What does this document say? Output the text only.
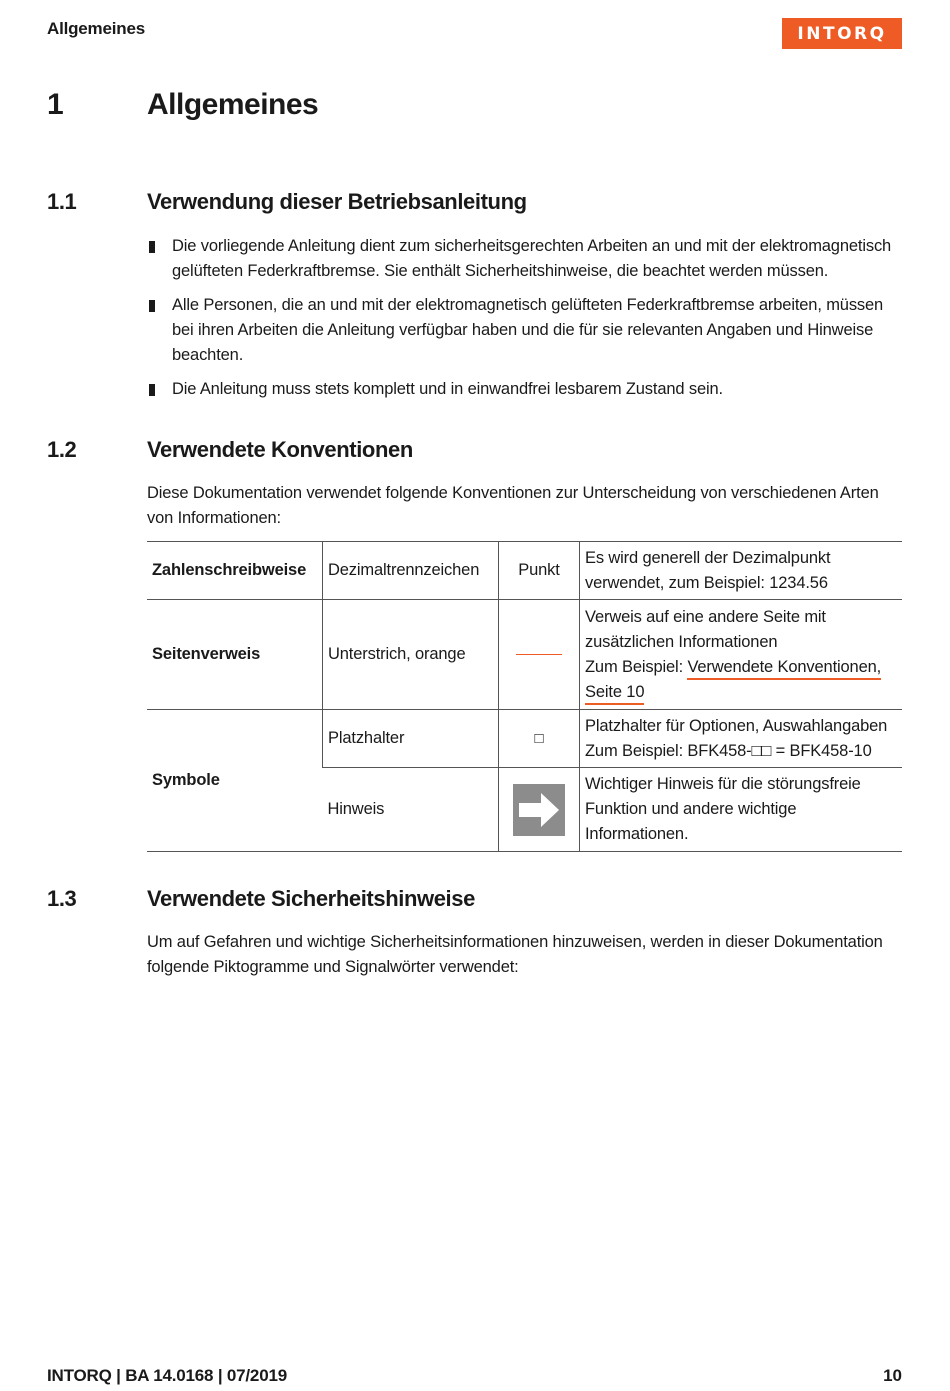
Allgemeines	INTORQ
1	Allgemeines
1.1	Verwendung dieser Betriebsanleitung
Die vorliegende Anleitung dient zum sicherheitsgerechten Arbeiten an und mit der elektromagnetisch gelüfteten Federkraftbremse. Sie enthält Sicherheitshinweise, die beachtet werden müssen.
Alle Personen, die an und mit der elektromagnetisch gelüfteten Federkraftbremse arbeiten, müssen bei ihren Arbeiten die Anleitung verfügbar haben und die für sie relevanten Angaben und Hinweise beachten.
Die Anleitung muss stets komplett und in einwandfrei lesbarem Zustand sein.
1.2	Verwendete Konventionen
Diese Dokumentation verwendet folgende Konventionen zur Unterscheidung von verschiedenen Arten von Informationen:
Zahlenschreibweise	Dezimaltrennzeichen	Punkt	Es wird generell der Dezimalpunkt verwendet, zum Beispiel: 1234.56
Seitenverweis	Unterstrich, orange		Verweis auf eine andere Seite mit zusätzlichen Informationen
Zum Beispiel: Verwendete Konventionen, Seite 10

Symbole	Platzhalter	□	Platzhalter für Optionen, Auswahlangaben
Zum Beispiel: BFK458-□□ = BFK458-10

	Hinweis		Wichtiger Hinweis für die störungsfreie Funktion und andere wichtige Informationen.
1.3	Verwendete Sicherheitshinweise
Um auf Gefahren und wichtige Sicherheitsinformationen hinzuweisen, werden in dieser Dokumentation folgende Piktogramme und Signalwörter verwendet:
INTORQ | BA 14.0168 | 07/2019	10
